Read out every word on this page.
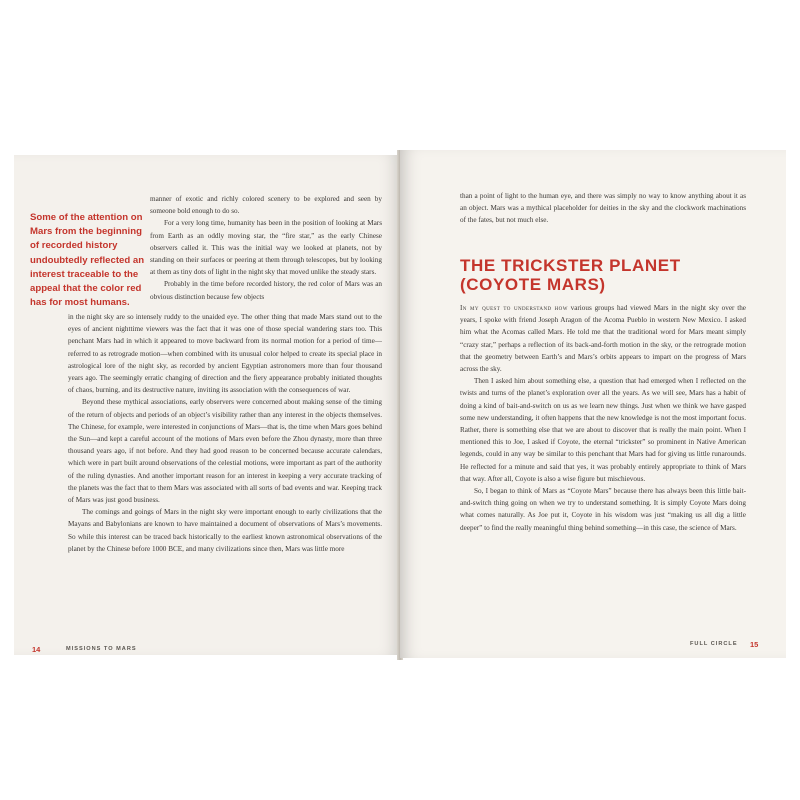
Some of the attention on Mars from the beginning of recorded history undoubtedly reflected an interest traceable to the appeal that the color red has for most humans.

manner of exotic and richly colored scenery to be explored and seen by someone bold enough to do so.

For a very long time, humanity has been in the position of looking at Mars from Earth as an oddly moving star, the “fire star,” as the early Chinese observers called it. This was the initial way we looked at planets, not by standing on their surfaces or peering at them through telescopes, but by looking at them as tiny dots of light in the night sky that moved unlike the steady stars.

Probably in the time before recorded history, the red color of Mars was an obvious distinction because few objects

in the night sky are so intensely ruddy to the unaided eye. The other thing that made Mars stand out to the eyes of ancient nighttime viewers was the fact that it was one of those special wandering stars too. This penchant Mars had in which it appeared to move backward from its normal motion for a period of time—referred to as retrograde motion—when combined with its unusual color helped to create its special place in astrological lore of the night sky, as recorded by ancient Egyptian astronomers more than four thousand years ago. The seemingly erratic changing of direction and the fiery appearance probably initiated thoughts of chaos, burning, and its destructive nature, inviting its association with the consequences of war.

Beyond these mythical associations, early observers were concerned about making sense of the timing of the return of objects and periods of an object’s visibility rather than any interest in the objects themselves. The Chinese, for example, were interested in conjunctions of Mars—that is, the time when Mars goes behind the Sun—and kept a careful account of the motions of Mars even before the Zhou dynasty, more than three thousand years ago, if not before. And they had good reason to be concerned because accurate calendars, which were in part built around observations of the celestial motions, were important as part of the authority of the ruling dynasties. And another important reason for an interest in keeping a very accurate tracking of the planets was the fact that to them Mars was associated with all sorts of bad events and war. Keeping track of Mars was just good business.

The comings and goings of Mars in the night sky were important enough to early civilizations that the Mayans and Babylonians are known to have maintained a document of observations of Mars’s movements. So while this interest can be traced back historically to the earliest known astronomical observations of the planet by the Chinese before 1000 BCE, and many civilizations since then, Mars was little more

14	MISSIONS TO MARS

than a point of light to the human eye, and there was simply no way to know anything about it as an object. Mars was a mythical placeholder for deities in the sky and the clockwork machinations of the fates, but not much else.

THE TRICKSTER PLANET (COYOTE MARS)

In my quest to understand how various groups had viewed Mars in the night sky over the years, I spoke with friend Joseph Aragon of the Acoma Pueblo in western New Mexico. I asked him what the Acomas called Mars. He told me that the traditional word for Mars meant simply “crazy star,” perhaps a reflection of its back-and-forth motion in the sky, or the retrograde motion that the geometry between Earth’s and Mars’s orbits appears to impart on the progress of Mars across the sky.

Then I asked him about something else, a question that had emerged when I reflected on the twists and turns of the planet’s exploration over all the years. As we will see, Mars has a habit of doing a kind of bait-and-switch on us as we learn new things. Just when we think we have gasped some new understanding, it often happens that the new knowledge is not the most important focus. Rather, there is something else that we are about to discover that is really the main point. When I mentioned this to Joe, I asked if Coyote, the eternal “trickster” so prominent in Native American legends, could in any way be similar to this penchant that Mars had for giving us little runarounds. He reflected for a minute and said that yes, it was probably entirely appropriate to think of Mars that way. After all, Coyote is also a wise figure but mischievous.

So, I began to think of Mars as “Coyote Mars” because there has always been this little bait-and-switch thing going on when we try to understand something. It is simply Coyote Mars doing what comes naturally. As Joe put it, Coyote in his wisdom was just “making us all dig a little deeper” to find the really meaningful thing behind something—in this case, the science of Mars.

FULL CIRCLE 15
